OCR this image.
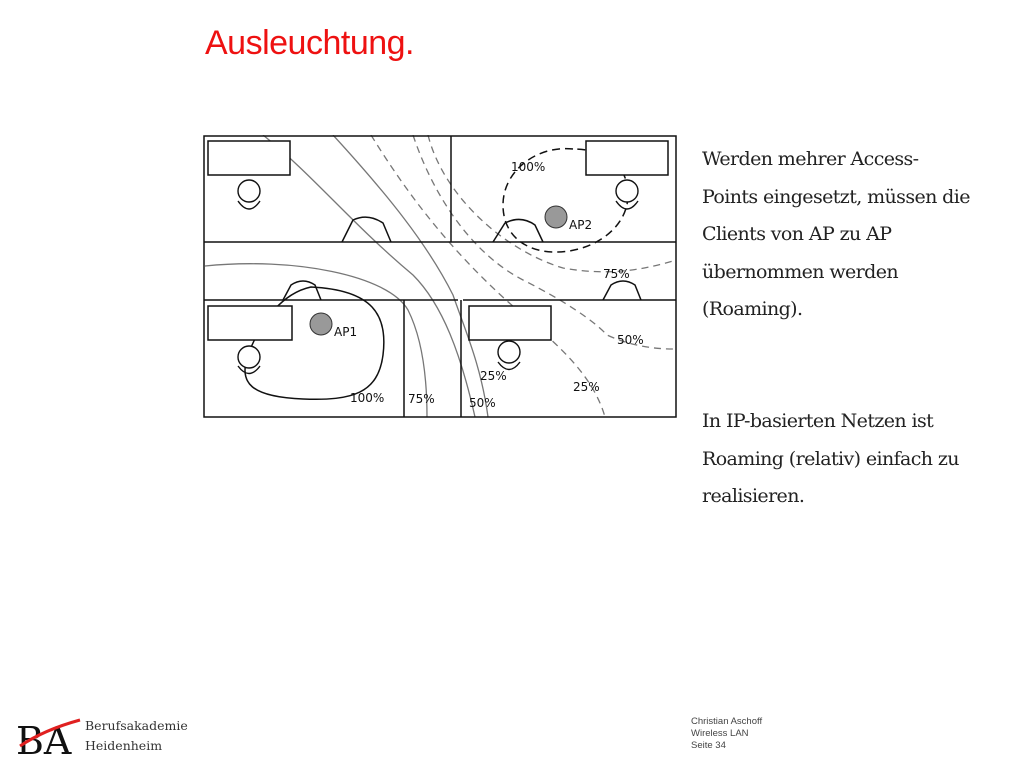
Ausleuchtung.
AP1
AP2
100%
75%
50%
25%
25%
50%
100% 75%
Werden mehrer Access-
Points eingesetzt, müssen die
Clients von AP zu AP
übernommen werden
(Roaming).
In IP-basierten Netzen ist
Roaming (relativ) einfach zu
realisieren.
BA Berufsakademie
Heidenheim
Christian Aschoff
Wireless LAN
Seite 34
